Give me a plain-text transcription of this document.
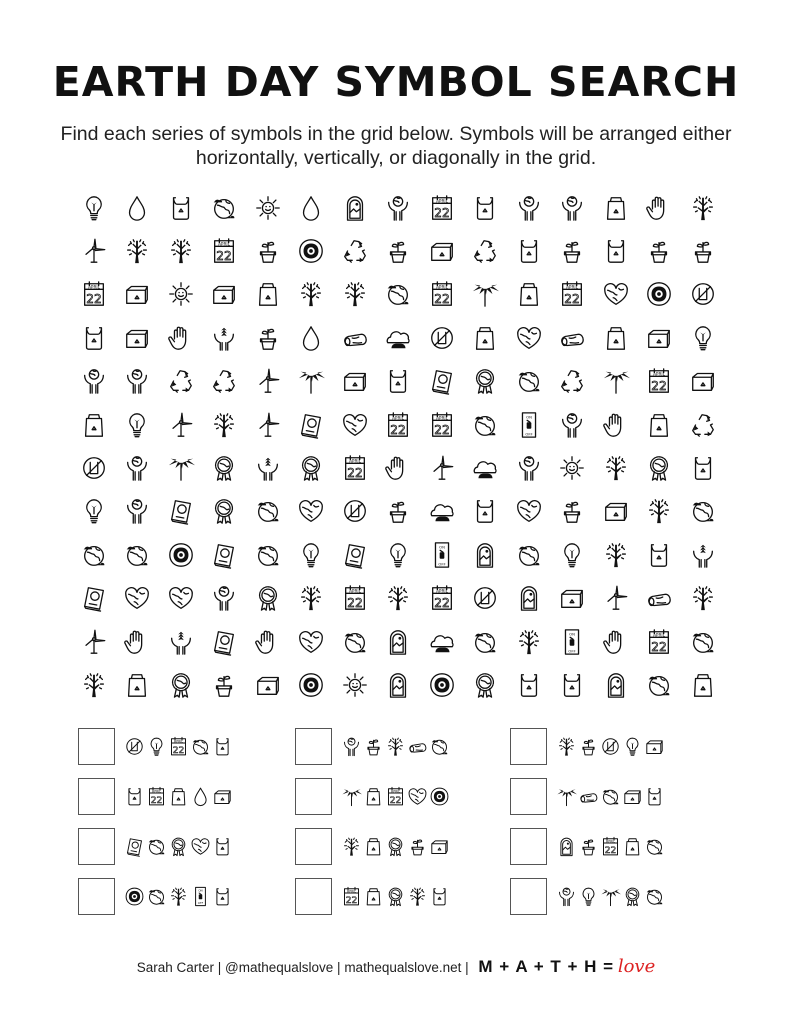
EARTH DAY SYMBOL SEARCH
Find each series of symbols in the grid below. Symbols will be arranged either horizontally, vertically, or diagonally in the grid.
Sarah Carter | @mathequalslove | mathequalslove.net | M + A + T + H = love
